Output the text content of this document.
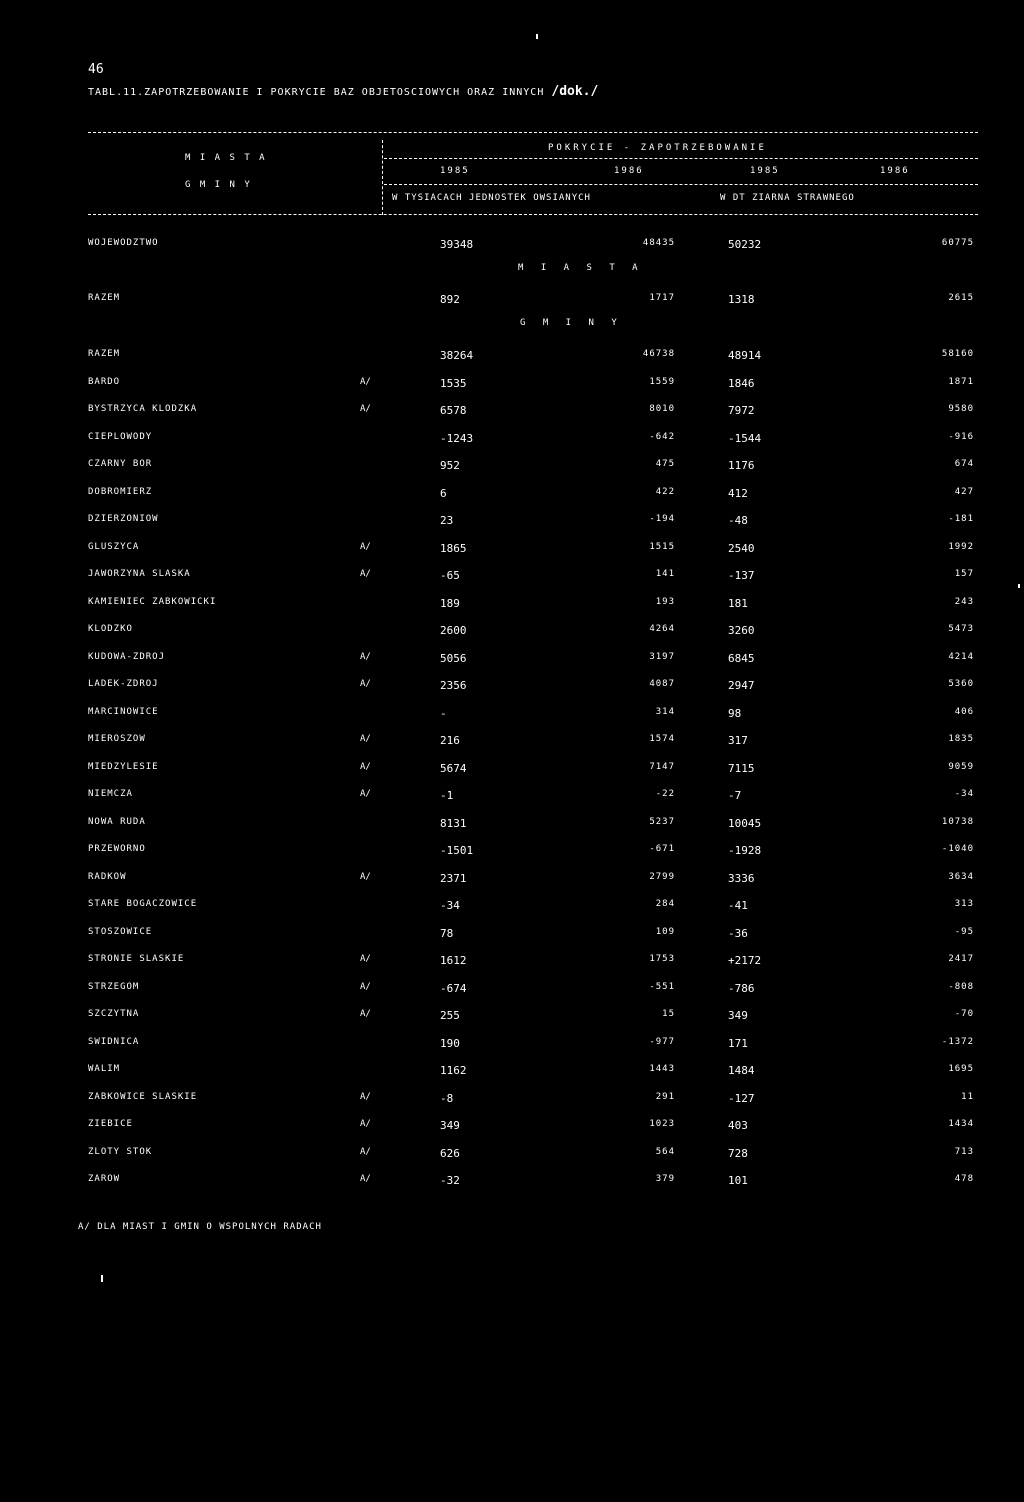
46
TABL.11.ZAPOTRZEBOWANIE I POKRYCIE BAZ OBJETOSCIOWYCH ORAZ INNYCH /dok./
M I A S T A
G M I N Y
POKRYCIE - ZAPOTRZEBOWANIE
1985	1986	1985	1986
W TYSIACACH JEDNOSTEK OWSIANYCH	W DT ZIARNA STRAWNEGO
M I A S T A
G M I N Y
WOJEWODZTWO	39348	48435	50232	60775
RAZEM	892	1717	1318	2615
RAZEM	38264	46738	48914	58160
BARDO	A/	1535	1559	1846	1871
BYSTRZYCA KLODZKA	A/	6578	8010	7972	9580
CIEPLOWODY	-1243	-642	-1544	-916
CZARNY BOR	952	475	1176	674
DOBROMIERZ	6	422	412	427
DZIERZONIOW	23	-194	-48	-181
GLUSZYCA	A/	1865	1515	2540	1992
JAWORZYNA SLASKA	A/	-65	141	-137	157
KAMIENIEC ZABKOWICKI	189	193	181	243
KLODZKO	2600	4264	3260	5473
KUDOWA-ZDROJ	A/	5056	3197	6845	4214
LADEK-ZDROJ	A/	2356	4087	2947	5360
MARCINOWICE	-	314	98	406
MIEROSZOW	A/	216	1574	317	1835
MIEDZYLESIE	A/	5674	7147	7115	9059
NIEMCZA	A/	-1	-22	-7	-34
NOWA RUDA	8131	5237	10045	10738
PRZEWORNO	-1501	-671	-1928	-1040
RADKOW	A/	2371	2799	3336	3634
STARE BOGACZOWICE	-34	284	-41	313
STOSZOWICE	78	109	-36	-95
STRONIE SLASKIE	A/	1612	1753	+2172	2417
STRZEGOM	A/	-674	-551	-786	-808
SZCZYTNA	A/	255	15	349	-70
SWIDNICA	190	-977	171	-1372
WALIM	1162	1443	1484	1695
ZABKOWICE SLASKIE	A/	-8	291	-127	11
ZIEBICE	A/	349	1023	403	1434
ZLOTY STOK	A/	626	564	728	713
ZAROW	A/	-32	379	101	478
A/ DLA MIAST I GMIN O WSPOLNYCH RADACH
